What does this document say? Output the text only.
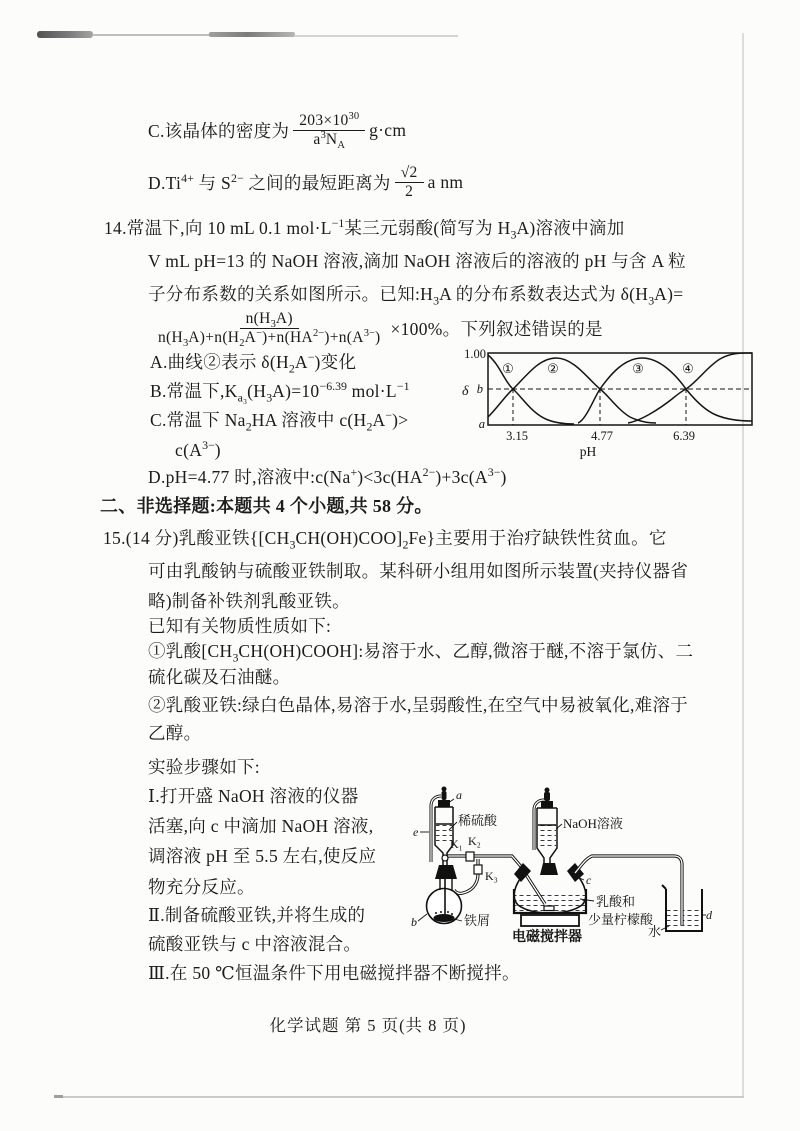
C.该晶体的密度为 $\frac{203\times 10^{30}}{a^3N_A} g\cdot cm$
$D.Ti^{4+}$ 与 $S^{2-}$ 之间的最短距离为 $\frac{√2}{2}$ a nm
14.常温下,向 10 mL 0.1 $mol\cdot L^{-1}$某三元弱酸(简写为 $H_3A$)溶液中滴加
V mL pH=13 的 NaOH 溶液,滴加 NaOH 溶液后的溶液的 pH 与含 A 粒
子分布系数的关系如图所示。已知$:H_3A$ 的分布系数表达式为 $\delta(H_3A)=$
$\frac{n(H_3A)}{n(H_3A)+n(H_2A^-)+n(HA^{2-})+n(A^{3-})} \times 100\%$。下列叙述错误的是
A.曲线②表示 $\delta(H_2A^-)$变化
B.常温下$,K_{a_3}(H_3A)=10^{-6.39}$ $mol\cdot L^{-1}$
C.常温下 $Na_2HA$ 溶液中 $c(H_2A^-)>$
$c(A^{3-})$
D.pH=4.77 时,溶液中$:c(Na^+)<3c(HA^{2-})+3c(A^{3-})$
①	②	③	④
1.00
b
a
δ
3.15	4.77	6.39
pH
二、非选择题:本题共 4 个小题,共 58 分。
15.(14 分)乳酸亚铁$\{[CH_3CH(OH)COO]_2Fe\}$主要用于治疗缺铁性贫血。它
可由乳酸钠与硫酸亚铁制取。某科研小组用如图所示装置(夹持仪器省
略)制备补铁剂乳酸亚铁。
已知有关物质性质如下:
①乳酸$[CH_3CH(OH)COOH]$:易溶于水、乙醇,微溶于醚,不溶于氯仿、二
硫化碳及石油醚。
②乳酸亚铁:绿白色晶体,易溶于水,呈弱酸性,在空气中易被氧化,难溶于
乙醇。
实验步骤如下:
Ⅰ.打开盛 NaOH 溶液的仪器
活塞,向 c 中滴加 NaOH 溶液,
调溶液 pH 至 5.5 左右,使反应
物充分反应。
Ⅱ.制备硫酸亚铁,并将生成的
硫酸亚铁与 c 中溶液混合。
Ⅲ.在 50 ℃恒温条件下用电磁搅拌器不断搅拌。
a
e
稀硫酸
K₁ K₂
K₃
b	铁屑
NaOH溶液
c
乳酸和
少量柠檬酸
电磁搅拌器	水
d
化学试题 第 5 页(共 8 页)
